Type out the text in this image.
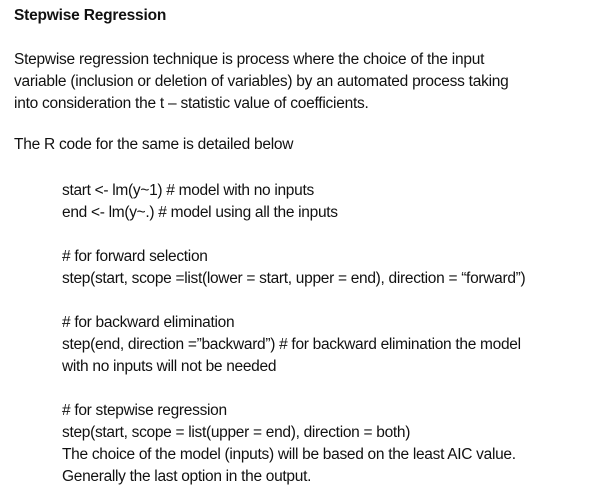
Stepwise Regression
Stepwise regression technique is process where the choice of the input
variable (inclusion or deletion of variables) by an automated process taking
into consideration the t – statistic value of coefficients.
The R code for the same is detailed below
start <- lm(y~1) # model with no inputs
end <- lm(y~.) # model using all the inputs
# for forward selection
step(start, scope =list(lower = start, upper = end), direction = “forward”)
# for backward elimination
step(end, direction =”backward”) # for backward elimination the model
with no inputs will not be needed
# for stepwise regression
step(start, scope = list(upper = end), direction = both)
The choice of the model (inputs) will be based on the least AIC value.
Generally the last option in the output.
